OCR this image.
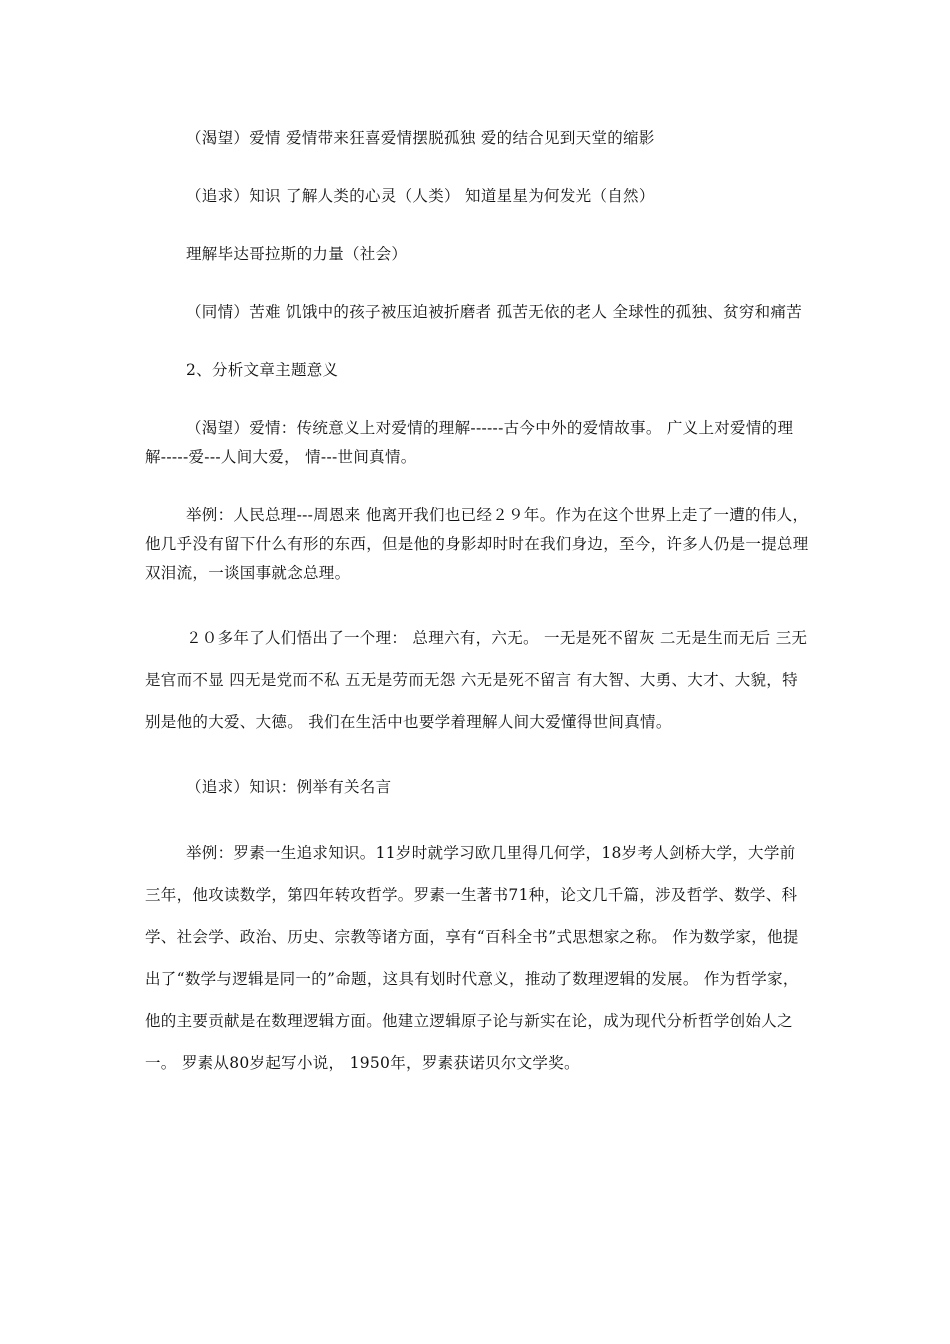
（渴望）爱情 爱情带来狂喜爱情摆脱孤独 爱的结合见到天堂的缩影

（追求）知识 了解人类的心灵（人类） 知道星星为何发光（自然）

理解毕达哥拉斯的力量（社会）

（同情）苦难 饥饿中的孩子被压迫被折磨者 孤苦无依的老人 全球性的孤独、贫穷和痛苦

2、分析文章主题意义

（渴望）爱情：传统意义上对爱情的理解------古今中外的爱情故事。 广义上对爱情的理解-----爱---人间大爱， 情---世间真情。

举例：人民总理---周恩来 他离开我们也已经２９年。作为在这个世界上走了一遭的伟人，他几乎没有留下什么有形的东西，但是他的身影却时时在我们身边，至今，许多人仍是一提总理双泪流，一谈国事就念总理。

２０多年了人们悟出了一个理： 总理六有，六无。 一无是死不留灰 二无是生而无后 三无是官而不显 四无是党而不私 五无是劳而无怨 六无是死不留言 有大智、大勇、大才、大貌，特别是他的大爱、大德。 我们在生活中也要学着理解人间大爱懂得世间真情。

（追求）知识：例举有关名言

举例：罗素一生追求知识。11岁时就学习欧几里得几何学，18岁考人剑桥大学，大学前三年，他攻读数学，第四年转攻哲学。罗素一生著书71种，论文几千篇，涉及哲学、数学、科学、社会学、政治、历史、宗教等诸方面，享有“百科全书”式思想家之称。 作为数学家，他提出了“数学与逻辑是同一的”命题，这具有划时代意义，推动了数理逻辑的发展。 作为哲学家，他的主要贡献是在数理逻辑方面。他建立逻辑原子论与新实在论，成为现代分析哲学创始人之一。 罗素从80岁起写小说， 1950年，罗素获诺贝尔文学奖。
